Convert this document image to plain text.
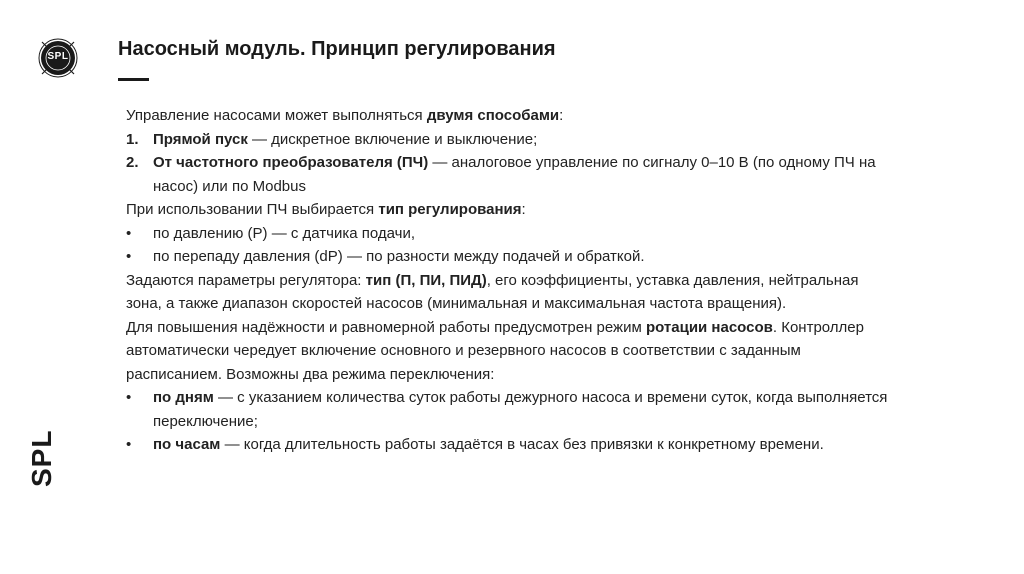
SPL	Насосный модуль. Принцип регулирования
SPL
Управление насосами может выполняться двумя способами:
1. Прямой пуск — дискретное включение и выключение;
2. От частотного преобразователя (ПЧ) — аналоговое управление по сигналу 0–10 В (по одному ПЧ на
насос) или по Modbus
При использовании ПЧ выбирается тип регулирования:
•	по давлению (P) — с датчика подачи,
•	по перепаду давления (dP) — по разности между подачей и обраткой.
Задаются параметры регулятора: тип (П, ПИ, ПИД), его коэффициенты, уставка давления, нейтральная
зона, а также диапазон скоростей насосов (минимальная и максимальная частота вращения).
Для повышения надёжности и равномерной работы предусмотрен режим ротации насосов. Контроллер
автоматически чередует включение основного и резервного насосов в соответствии с заданным
расписанием. Возможны два режима переключения:
•	по дням — с указанием количества суток работы дежурного насоса и времени суток, когда выполняется
переключение;
•	по часам — когда длительность работы задаётся в часах без привязки к конкретному времени.
